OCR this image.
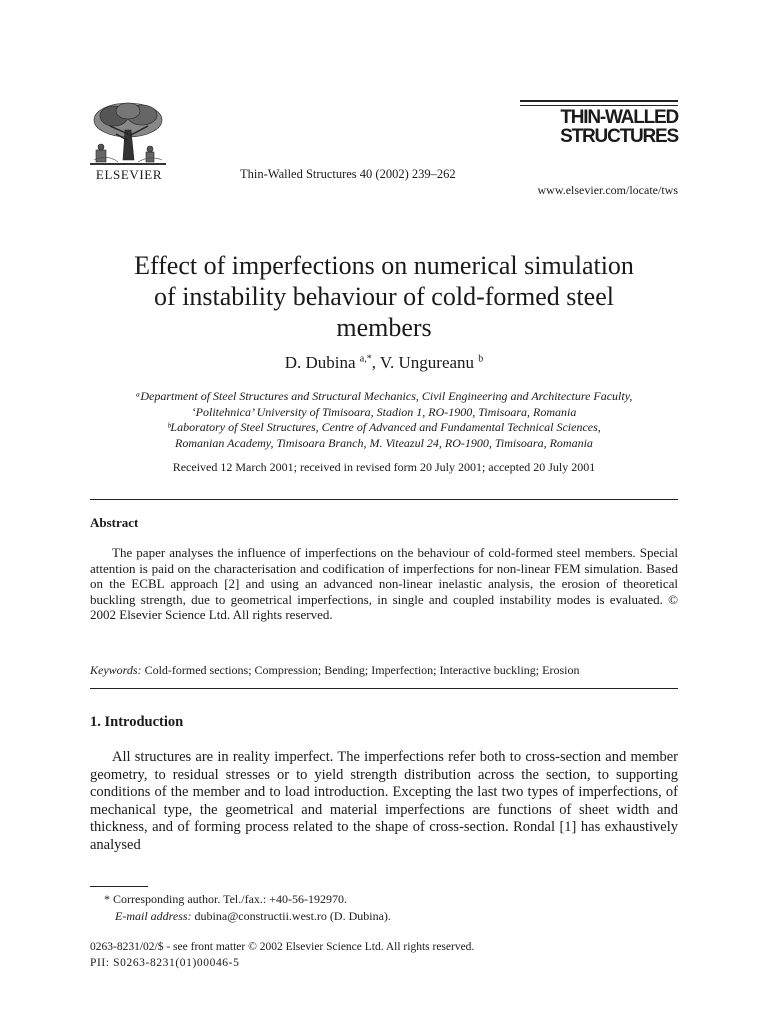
ELSEVIER	Thin-Walled Structures 40 (2002) 239–262
THIN-WALLED
STRUCTURES
www.elsevier.com/locate/tws
Effect of imperfections on numerical simulation
of instability behaviour of cold-formed steel
members
D. Dubina $^{a,*}$, V. Ungureanu $^b$
ᵃDepartment of Steel Structures and Structural Mechanics, Civil Engineering and Architecture Faculty,
‘Politehnica’ University of Timisoara, Stadion 1, RO-1900, Timisoara, Romania
ᵇLaboratory of Steel Structures, Centre of Advanced and Fundamental Technical Sciences,
Romanian Academy, Timisoara Branch, M. Viteazul 24, RO-1900, Timisoara, Romania
Received 12 March 2001; received in revised form 20 July 2001; accepted 20 July 2001
Abstract
The paper analyses the influence of imperfections on the behaviour of cold-formed steel members. Special attention is paid on the characterisation and codification of imperfections for non-linear FEM simulation. Based on the ECBL approach [2] and using an advanced non-linear inelastic analysis, the erosion of theoretical buckling strength, due to geometrical imperfections, in single and coupled instability modes is evaluated. © 2002 Elsevier Science Ltd. All rights reserved.
Keywords: Cold-formed sections; Compression; Bending; Imperfection; Interactive buckling; Erosion
1. Introduction
All structures are in reality imperfect. The imperfections refer both to cross-section and member geometry, to residual stresses or to yield strength distribution across the section, to supporting conditions of the member and to load introduction. Excepting the last two types of imperfections, of mechanical type, the geometrical and material imperfections are functions of sheet width and thickness, and of forming process related to the shape of cross-section. Rondal [1] has exhaustively analysed
* Corresponding author. Tel./fax.: +40-56-192970.
E-mail address: dubina@constructii.west.ro (D. Dubina).
0263-8231/02/$ - see front matter © 2002 Elsevier Science Ltd. All rights reserved.
PII: S0263-8231(01)00046-5
